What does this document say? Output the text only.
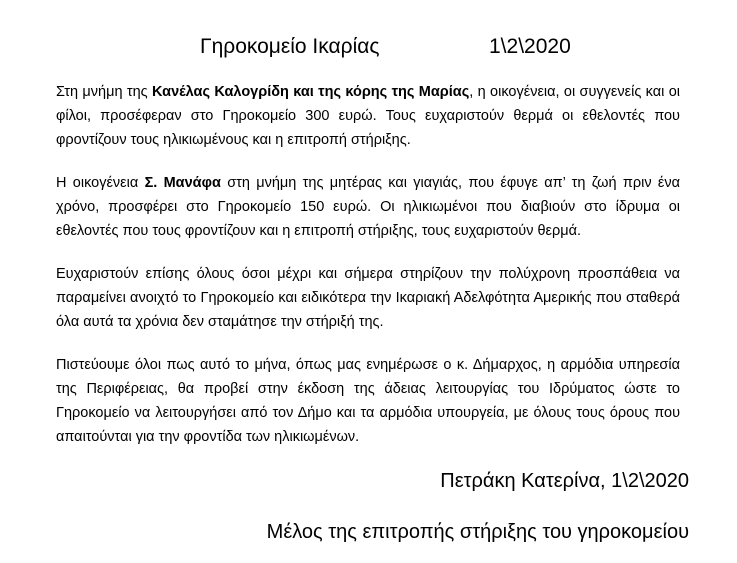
Γηροκομείο Ικαρίας	1\2\2020

Στη μνήμη της Κανέλας Καλογρίδη και της κόρης της Μαρίας, η οικογένεια, οι συγγενείς και οι φίλοι, προσέφεραν στο Γηροκομείο 300 ευρώ. Τους ευχαριστούν θερμά οι εθελοντές που φροντίζουν τους ηλικιωμένους και η επιτροπή στήριξης.

Η οικογένεια Σ. Μανάφα στη μνήμη της μητέρας και γιαγιάς, που έφυγε απ’ τη ζωή πριν ένα χρόνο, προσφέρει στο Γηροκομείο 150 ευρώ. Οι ηλικιωμένοι που διαβιούν στο ίδρυμα οι εθελοντές που τους φροντίζουν και η επιτροπή στήριξης, τους ευχαριστούν θερμά.

Ευχαριστούν επίσης όλους όσοι μέχρι και σήμερα στηρίζουν την πολύχρονη προσπάθεια να παραμείνει ανοιχτό το Γηροκομείο και ειδικότερα την Ικαριακή Αδελφότητα Αμερικής που σταθερά όλα αυτά τα χρόνια δεν σταμάτησε την στήριξή της.

Πιστεύουμε όλοι πως αυτό το μήνα, όπως μας ενημέρωσε ο κ. Δήμαρχος, η αρμόδια υπηρεσία της Περιφέρειας, θα προβεί στην έκδοση της άδειας λειτουργίας του Ιδρύματος ώστε το Γηροκομείο να λειτουργήσει από τον Δήμο και τα αρμόδια υπουργεία, με όλους τους όρους που απαιτούνται για την φροντίδα των ηλικιωμένων.

Πετράκη Κατερίνα, 1\2\2020
Μέλος της επιτροπής στήριξης του γηροκομείου
